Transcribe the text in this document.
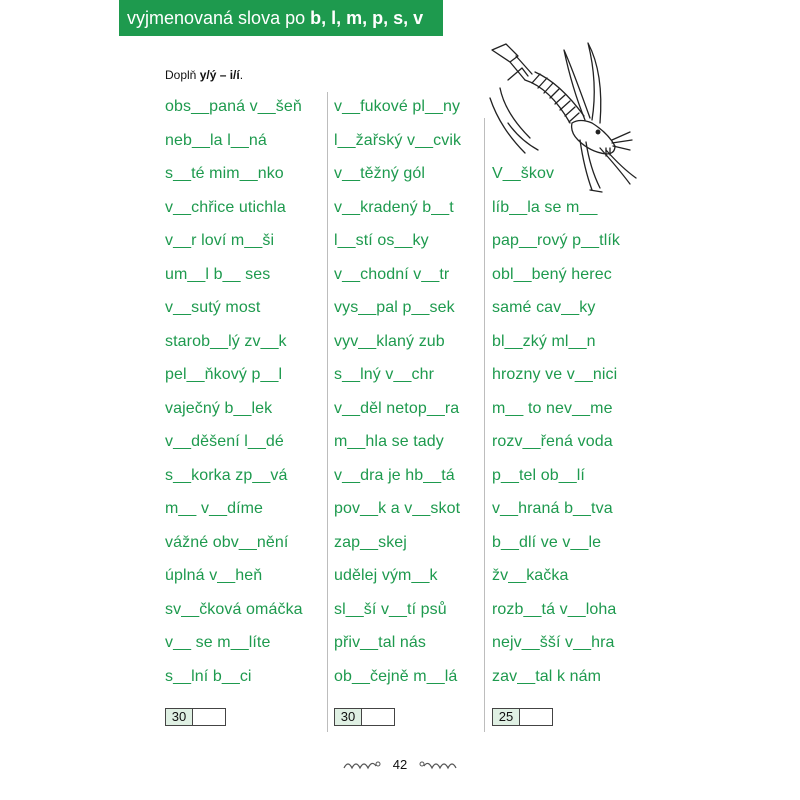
vyjmenovaná slova po b, l, m, p, s, v
Doplň y/ý – i/í.
obs__paná v__šeň
neb__la l__ná
s__té mim__nko
v__chřice utichla
v__r loví m__ši
um__l b__ ses
v__sutý most
starob__lý zv__k
pel__ňkový p__l
vaječný b__lek
v__děšení l__dé
s__korka zp__vá
m__ v__díme
vážné obv__nění
úplná v__heň
sv__čková omáčka
v__ se m__líte
s__lní b__ci
v__fukové pl__ny
l__žařský v__cvik
v__těžný gól
v__kradený b__t
l__stí os__ky
v__chodní v__tr
vys__pal p__sek
vyv__klaný zub
s__lný v__chr
v__děl netop__ra
m__hla se tady
v__dra je hb__tá
pov__k a v__skot
zap__skej
udělej vým__k
sl__ší v__tí psů
přiv__tal nás
ob__čejně m__lá
V__škov
líb__la se m__
pap__rový p__tlík
obl__bený herec
samé cav__ky
bl__zký ml__n
hrozny ve v__nici
m__ to nev__me
rozv__řená voda
p__tel ob__lí
v__hraná b__tva
b__dlí ve v__le
žv__kačka
rozb__tá v__loha
nejv__šší v__hra
zav__tal k nám
30	30	25
42
